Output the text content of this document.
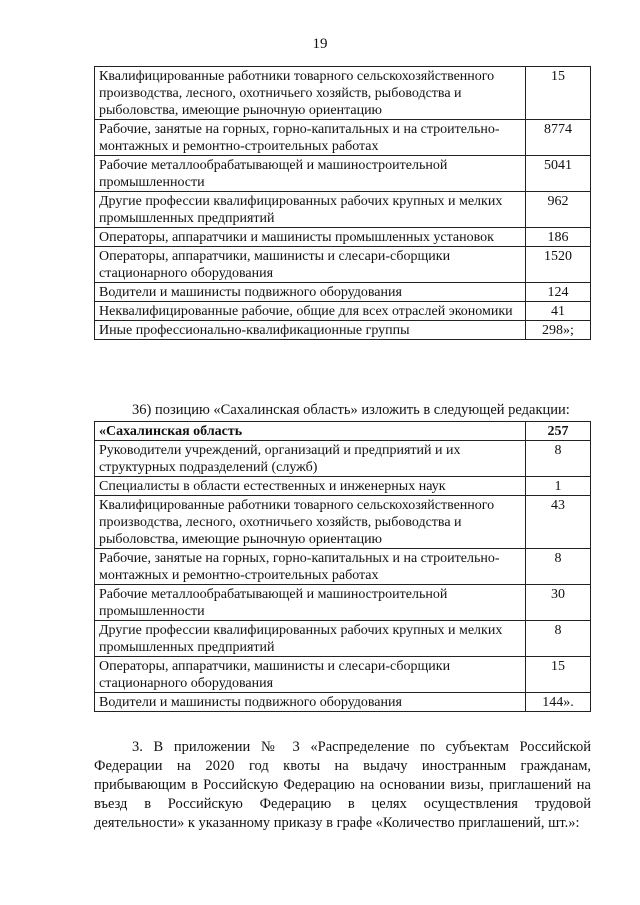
19
Квалифицированные работники товарного сельскохозяйственного производства, лесного, охотничьего хозяйств, рыбоводства и рыболовства, имеющие рыночную ориентацию	15
Рабочие, занятые на горных, горно-капитальных и на строительно-монтажных и ремонтно-строительных работах	8774
Рабочие металлообрабатывающей и машиностроительной промышленности	5041
Другие профессии квалифицированных рабочих крупных и мелких промышленных предприятий	962
Операторы, аппаратчики и машинисты промышленных установок	186
Операторы, аппаратчики, машинисты и слесари-сборщики стационарного оборудования	1520
Водители и машинисты подвижного оборудования	124
Неквалифицированные рабочие, общие для всех отраслей экономики	41
Иные профессионально-квалификационные группы	298»;
36) позицию «Сахалинская область» изложить в следующей редакции:
«Сахалинская область	257
Руководители учреждений, организаций и предприятий и их структурных подразделений (служб)	8
Специалисты в области естественных и инженерных наук	1
Квалифицированные работники товарного сельскохозяйственного производства, лесного, охотничьего хозяйств, рыбоводства и рыболовства, имеющие рыночную ориентацию	43
Рабочие, занятые на горных, горно-капитальных и на строительно-монтажных и ремонтно-строительных работах	8
Рабочие металлообрабатывающей и машиностроительной промышленности	30
Другие профессии квалифицированных рабочих крупных и мелких промышленных предприятий	8
Операторы, аппаратчики, машинисты и слесари-сборщики стационарного оборудования	15
Водители и машинисты подвижного оборудования	144».
3. В приложении № 3 «Распределение по субъектам Российской Федерации на 2020 год квоты на выдачу иностранным гражданам, прибывающим в Российскую Федерацию на основании визы, приглашений на въезд в Российскую Федерацию в целях осуществления трудовой деятельности» к указанному приказу в графе «Количество приглашений, шт.»:
